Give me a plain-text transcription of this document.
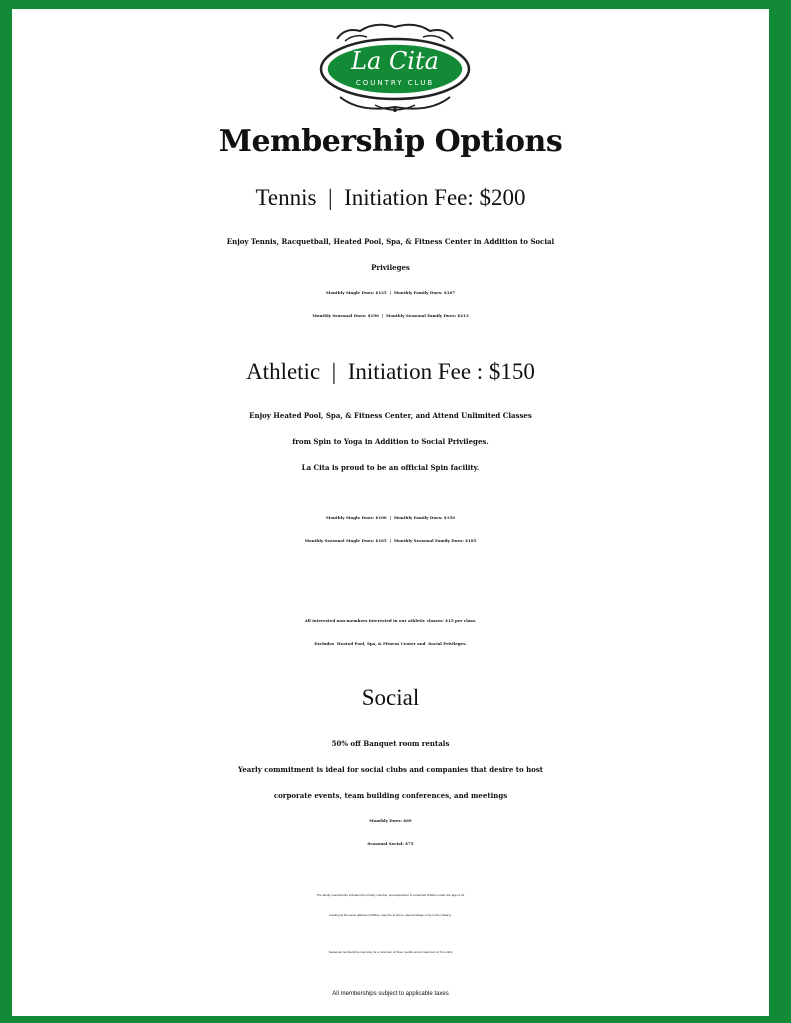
La Cita
COUNTRY CLUB
Membership Options
Tennis  |  Initiation Fee: $200
Enjoy Tennis, Racquetball, Heated Pool, Spa, & Fitness Center in Addition to Social
Privileges
Monthly Single Dues: $125  |  Monthly Family Dues: $167
Monthly Seasonal Dues: $190  |  Monthly Seasonal Family Dues: $213
Athletic  |  Initiation Fee : $150
Enjoy Heated Pool, Spa, & Fitness Center, and Attend Unlimited Classes
from Spin to Yoga in Addition to Social Privileges.
La Cita is proud to be an official Spin facility.
Monthly Single Dues: $100  |  Monthly Family Dues: $150
Monthly Seasonal Single Dues: $165  |  Monthly Seasonal Family Dues: $185
All interested non-members interested in our athletic classes: $15 per class.
Excludes  Heated Pool, Spa, & Fitness Center and  Social Privileges.
Social
50% off Banquet room rentals
Yearly commitment is ideal for social clubs and companies that desire to host
corporate events, team building conferences, and meetings
Monthly Dues: $69
Seasonal Social: $75
The family membership includes the primary member, spouse/partner & unmarried children under the age of 21
residing at the same address (children may live at home, attend college or be in the military).
Seasonal membership must stay for a minimum of three months and a maximum of 6 months
All memberships subject to applicable taxes
